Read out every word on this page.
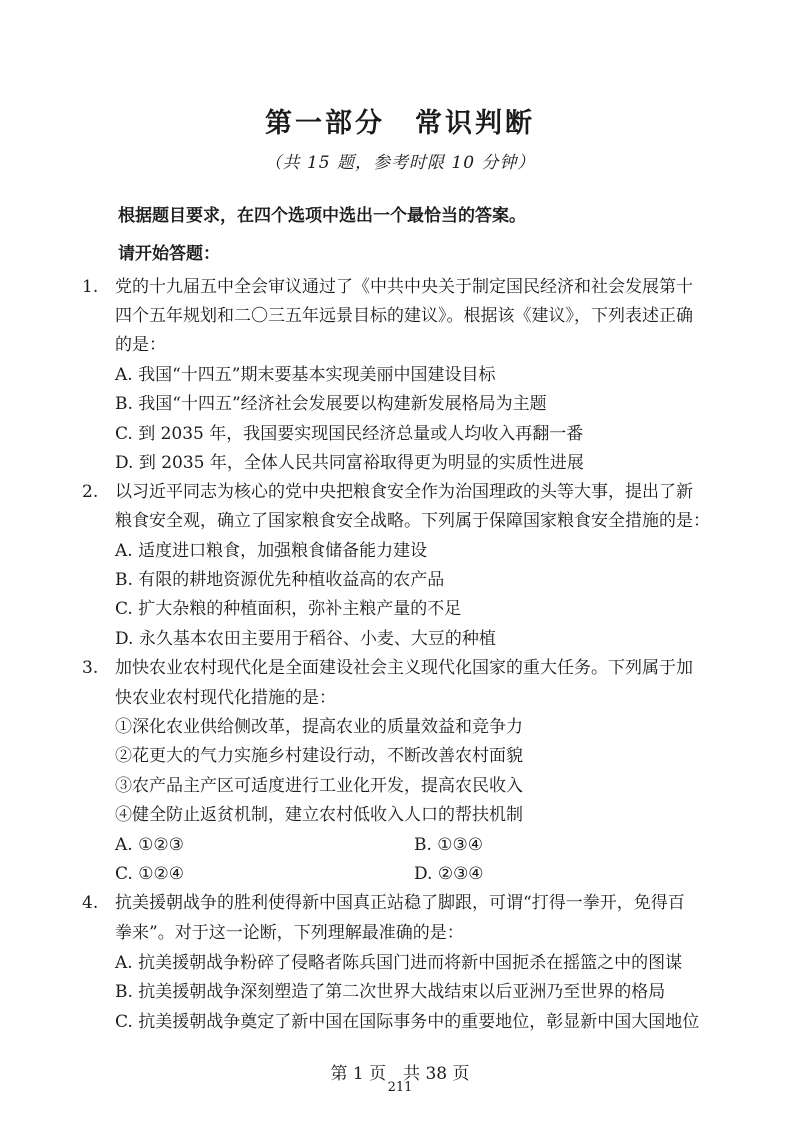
第一部分　常识判断
（共 15 题，参考时限 10 分钟）
根据题目要求，在四个选项中选出一个最恰当的答案。
请开始答题：
1. 党的十九届五中全会审议通过了《中共中央关于制定国民经济和社会发展第十
四个五年规划和二〇三五年远景目标的建议》。根据该《建议》，下列表述正确
的是：
A. 我国“十四五”期末要基本实现美丽中国建设目标
B. 我国“十四五”经济社会发展要以构建新发展格局为主题
C. 到 2035 年，我国要实现国民经济总量或人均收入再翻一番
D. 到 2035 年，全体人民共同富裕取得更为明显的实质性进展
2. 以习近平同志为核心的党中央把粮食安全作为治国理政的头等大事，提出了新
粮食安全观，确立了国家粮食安全战略。下列属于保障国家粮食安全措施的是：
A. 适度进口粮食，加强粮食储备能力建设
B. 有限的耕地资源优先种植收益高的农产品
C. 扩大杂粮的种植面积，弥补主粮产量的不足
D. 永久基本农田主要用于稻谷、小麦、大豆的种植
3. 加快农业农村现代化是全面建设社会主义现代化国家的重大任务。下列属于加
快农业农村现代化措施的是：
①深化农业供给侧改革，提高农业的质量效益和竞争力
②花更大的气力实施乡村建设行动，不断改善农村面貌
③农产品主产区可适度进行工业化开发，提高农民收入
④健全防止返贫机制，建立农村低收入人口的帮扶机制
A. ①②③	B. ①③④
C. ①②④	D. ②③④
4. 抗美援朝战争的胜利使得新中国真正站稳了脚跟，可谓“打得一拳开，免得百
拳来”。对于这一论断，下列理解最准确的是：
A. 抗美援朝战争粉碎了侵略者陈兵国门进而将新中国扼杀在摇篮之中的图谋
B. 抗美援朝战争深刻塑造了第二次世界大战结束以后亚洲乃至世界的格局
C. 抗美援朝战争奠定了新中国在国际事务中的重要地位，彰显新中国大国地位
第 1 页　共 38 页
211
